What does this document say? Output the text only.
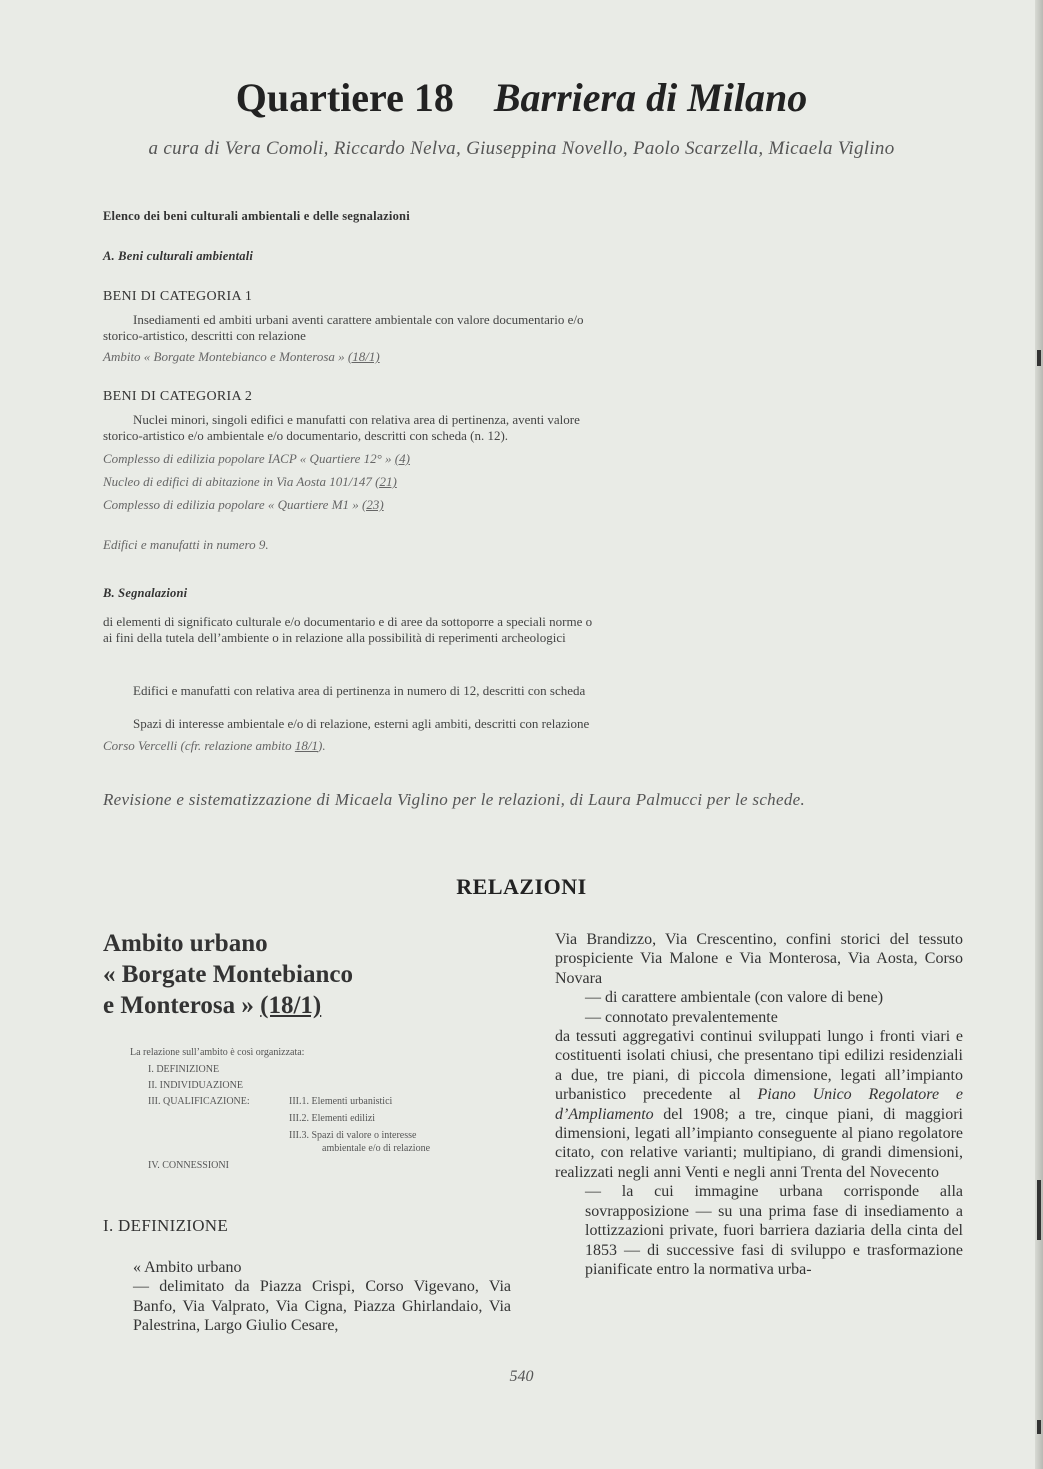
Quartiere 18 Barriera di Milano
a cura di Vera Comoli, Riccardo Nelva, Giuseppina Novello, Paolo Scarzella, Micaela Viglino
Elenco dei beni culturali ambientali e delle segnalazioni
A. Beni culturali ambientali
BENI DI CATEGORIA 1
Insediamenti ed ambiti urbani aventi carattere ambientale con valore documentario e/o
storico-artistico, descritti con relazione
Ambito « Borgate Montebianco e Monterosa » (18/1)
BENI DI CATEGORIA 2
Nuclei minori, singoli edifici e manufatti con relativa area di pertinenza, aventi valore
storico-artistico e/o ambientale e/o documentario, descritti con scheda (n. 12).
Complesso di edilizia popolare IACP « Quartiere 12° » (4)
Nucleo di edifici di abitazione in Via Aosta 101/147 (21)
Complesso di edilizia popolare « Quartiere M1 » (23)
Edifici e manufatti in numero 9.
B. Segnalazioni
di elementi di significato culturale e/o documentario e di aree da sottoporre a speciali norme o
ai fini della tutela dell’ambiente o in relazione alla possibilità di reperimenti archeologici
Edifici e manufatti con relativa area di pertinenza in numero di 12, descritti con scheda
Spazi di interesse ambientale e/o di relazione, esterni agli ambiti, descritti con relazione
Corso Vercelli (cfr. relazione ambito 18/1).
Revisione e sistematizzazione di Micaela Viglino per le relazioni, di Laura Palmucci per le schede.
RELAZIONI
Ambito urbano
« Borgate Montebianco
e Monterosa » (18/1)
La relazione sull’ambito è così organizzata:
I. DEFINIZIONE
II. INDIVIDUAZIONE
III. QUALIFICAZIONE:	III.1. Elementi urbanistici
III.2. Elementi edilizi
III.3. Spazi di valore o interesse
ambientale e/o di relazione
IV. CONNESSIONI
I. DEFINIZIONE

« Ambito urbano

— delimitato da Piazza Crispi, Corso Vigevano, Via Banfo, Via Valprato, Via Cigna, Piazza Ghirlandaio, Via Palestrina, Largo Giulio Cesare,

Via Brandizzo, Via Crescentino, confini storici del tessuto prospiciente Via Malone e Via Monterosa, Via Aosta, Corso Novara

— di carattere ambientale (con valore di bene)

— connotato prevalentemente

da tessuti aggregativi continui sviluppati lungo i fronti viari e costituenti isolati chiusi, che presentano tipi edilizi residenziali a due, tre piani, di piccola dimensione, legati all’impianto urbanistico precedente al Piano Unico Regolatore e d’Ampliamento del 1908; a tre, cinque piani, di maggiori dimensioni, legati all’impianto conseguente al piano regolatore citato, con relative varianti; multipiano, di grandi dimensioni, realizzati negli anni Venti e negli anni Trenta del Novecento

— la cui immagine urbana corrisponde alla sovrapposizione — su una prima fase di insediamento a lottizzazioni private, fuori barriera daziaria della cinta del 1853 — di successive fasi di sviluppo e trasformazione pianificate entro la normativa urba-

540
